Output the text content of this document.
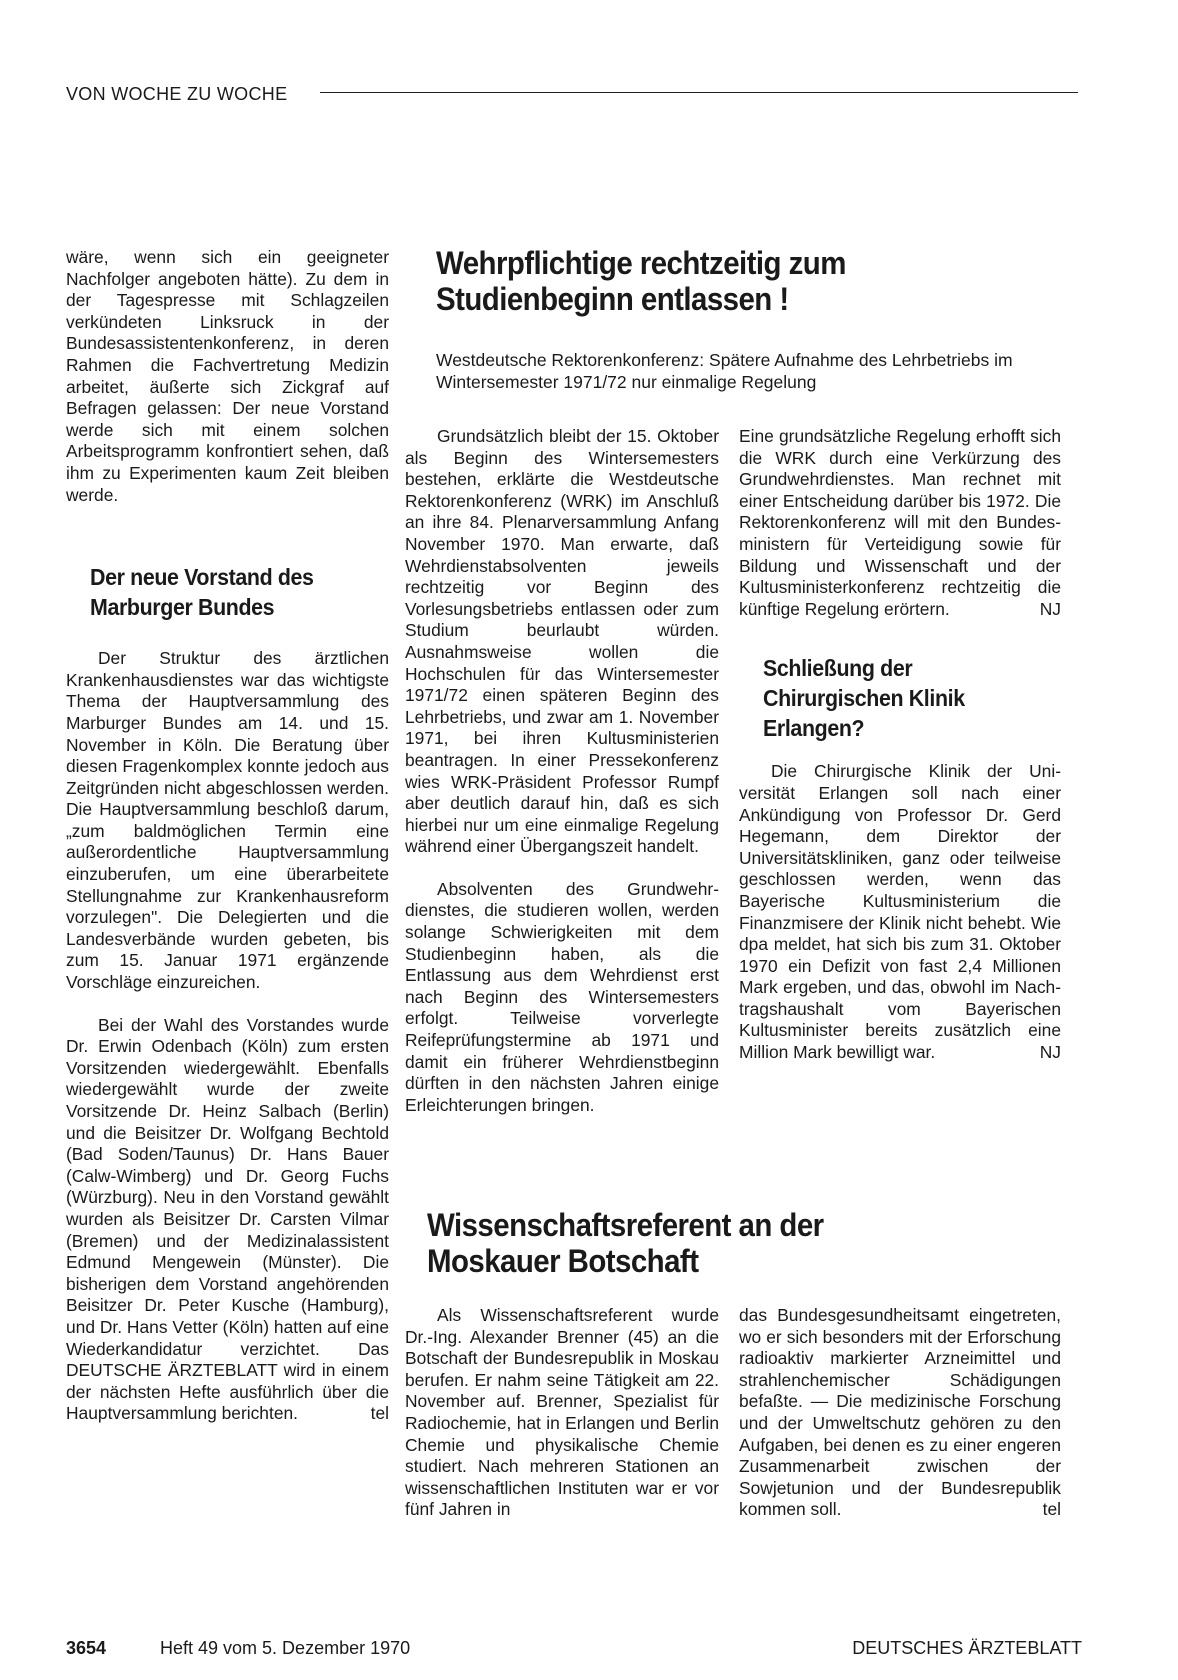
VON WOCHE ZU WOCHE

wäre, wenn sich ein geeigneter Nachfolger angeboten hätte). Zu dem in der Tagespresse mit Schlagzeilen verkündeten Linksruck in der Bundesassistentenkonferenz, in deren Rahmen die Fachvertretung Medizin arbeitet, äußerte sich Zickgraf auf Befragen gelassen: Der neue Vorstand werde sich mit einem solchen Arbeitsprogramm konfrontiert sehen, daß ihm zu Experimenten kaum Zeit bleiben werde.

Der neue Vorstand des Marburger Bundes

Der Struktur des ärztlichen Krankenhausdienstes war das wichtigste Thema der Hauptversammlung des Marburger Bundes am 14. und 15. November in Köln. Die Beratung über diesen Fragenkomplex konnte jedoch aus Zeitgründen nicht abgeschlossen werden. Die Hauptversammlung beschloß darum, „zum baldmöglichen Termin eine außerordentliche Hauptversammlung einzuberufen, um eine überarbeitete Stellungnahme zur Krankenhausreform vorzulegen". Die Delegierten und die Landesverbände wurden gebeten, bis zum 15. Januar 1971 ergänzende Vorschläge einzureichen.

Bei der Wahl des Vorstandes wurde Dr. Erwin Odenbach (Köln) zum ersten Vorsitzenden wiedergewählt. Ebenfalls wiedergewählt wurde der zweite Vorsitzende Dr. Heinz Salbach (Berlin) und die Beisitzer Dr. Wolfgang Bechtold (Bad Soden/Taunus) Dr. Hans Bauer (Calw-Wimberg) und Dr. Georg Fuchs (Würzburg). Neu in den Vorstand gewählt wurden als Beisitzer Dr. Carsten Vilmar (Bremen) und der Medizinalassistent Edmund Mengewein (Münster). Die bisherigen dem Vorstand angehörenden Beisitzer Dr. Peter Kusche (Hamburg), und Dr. Hans Vetter (Köln) hatten auf eine Wiederkandidatur verzichtet. Das DEUTSCHE ÄRZTEBLATT wird in einem der nächsten Hefte ausführlich über die Hauptversammlung berichten.	tel

Wehrpflichtige rechtzeitig zum Studienbeginn entlassen !
Westdeutsche Rektorenkonferenz: Spätere Aufnahme des Lehrbetriebs im Wintersemester 1971/72 nur einmalige Regelung

Grundsätzlich bleibt der 15. Oktober als Beginn des Wintersemesters bestehen, erklärte die Westdeutsche Rektorenkonferenz (WRK) im Anschluß an ihre 84. Plenarversammlung Anfang November 1970. Man erwarte, daß Wehrdienstabsolventen jeweils rechtzeitig vor Beginn des Vorlesungsbetriebs entlassen oder zum Studium beurlaubt würden. Ausnahmsweise wollen die Hochschulen für das Wintersemester 1971/72 einen späteren Beginn des Lehrbetriebs, und zwar am 1. November 1971, bei ihren Kultusministerien beantragen. In einer Pressekonferenz wies WRK-Präsident Professor Rumpf aber deutlich darauf hin, daß es sich hierbei nur um eine einmalige Regelung während einer Übergangszeit handelt.

Absolventen des Grundwehrdienstes, die studieren wollen, werden solange Schwierigkeiten mit dem Studienbeginn haben, als die Entlassung aus dem Wehrdienst erst nach Beginn des Wintersemesters erfolgt. Teilweise vorverlegte Reifeprüfungstermine ab 1971 und damit ein früherer Wehrdienstbeginn dürften in den nächsten Jahren einige Erleichterungen bringen.

Eine grundsätzliche Regelung erhofft sich die WRK durch eine Verkürzung des Grundwehrdienstes. Man rechnet mit einer Entscheidung darüber bis 1972. Die Rektorenkonferenz will mit den Bundesministern für Verteidigung sowie für Bildung und Wissenschaft und der Kultusministerkonferenz rechtzeitig die künftige Regelung erörtern.	NJ

Schließung der Chirurgischen Klinik Erlangen?

Die Chirurgische Klinik der Universität Erlangen soll nach einer Ankündigung von Professor Dr. Gerd Hegemann, dem Direktor der Universitätskliniken, ganz oder teilweise geschlossen werden, wenn das Bayerische Kultusministerium die Finanzmisere der Klinik nicht behebt. Wie dpa meldet, hat sich bis zum 31. Oktober 1970 ein Defizit von fast 2,4 Millionen Mark ergeben, und das, obwohl im Nachtragshaushalt vom Bayerischen Kultusminister bereits zusätzlich eine Million Mark bewilligt war.	NJ

Wissenschaftsreferent an der Moskauer Botschaft

Als Wissenschaftsreferent wurde Dr.-Ing. Alexander Brenner (45) an die Botschaft der Bundesrepublik in Moskau berufen. Er nahm seine Tätigkeit am 22. November auf. Brenner, Spezialist für Radiochemie, hat in Erlangen und Berlin Chemie und physikalische Chemie studiert. Nach mehreren Stationen an wissenschaftlichen Instituten war er vor fünf Jahren in

das Bundesgesundheitsamt eingetreten, wo er sich besonders mit der Erforschung radioaktiv markierter Arzneimittel und strahlenchemischer Schädigungen befaßte. — Die medizinische Forschung und der Umweltschutz gehören zu den Aufgaben, bei denen es zu einer engeren Zusammenarbeit zwischen der Sowjetunion und der Bundesrepublik kommen soll.	tel

3654	Heft 49 vom 5. Dezember 1970	DEUTSCHES ÄRZTEBLATT
